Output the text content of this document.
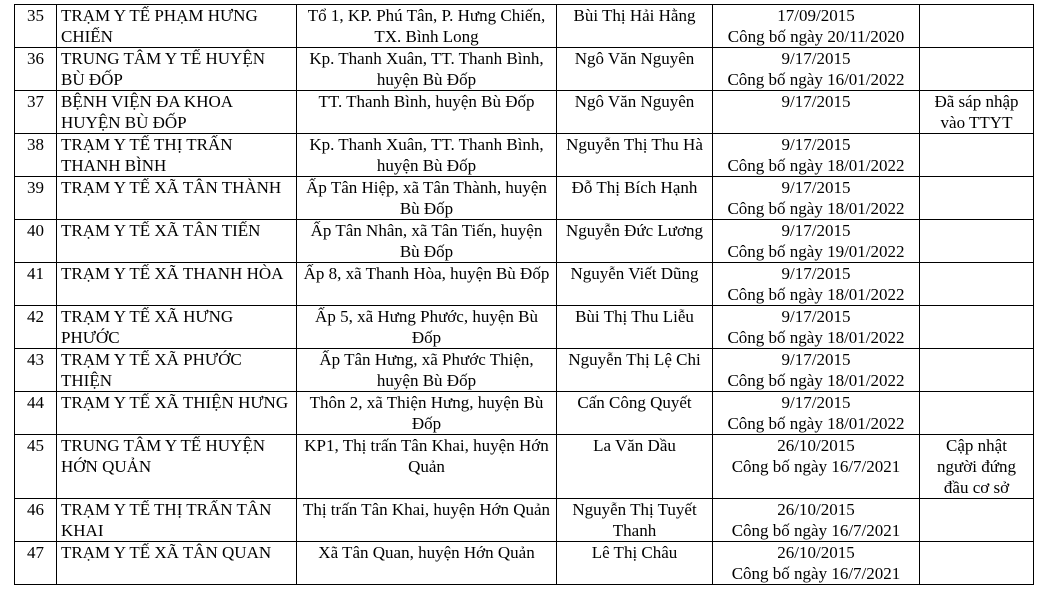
35	TRẠM Y TẾ PHẠM HƯNG CHIẾN	Tổ 1, KP. Phú Tân, P. Hưng Chiến, TX. Bình Long	Bùi Thị Hải Hằng	17/09/2015
Công bố ngày 20/11/2020	

36	TRUNG TÂM Y TẾ HUYỆN BÙ ĐỐP	Kp. Thanh Xuân, TT. Thanh Bình, huyện Bù Đốp	Ngô Văn Nguyên	9/17/2015
Công bố ngày 16/01/2022	

37	BỆNH VIỆN ĐA KHOA HUYỆN BÙ ĐỐP	TT. Thanh Bình, huyện Bù Đốp	Ngô Văn Nguyên	9/17/2015	Đã sáp nhập vào TTYT
38	TRẠM Y TẾ THỊ TRẤN THANH BÌNH	Kp. Thanh Xuân, TT. Thanh Bình, huyện Bù Đốp	Nguyễn Thị Thu Hà	9/17/2015
Công bố ngày 18/01/2022	

39	TRẠM Y TẾ XÃ TÂN THÀNH	Ấp Tân Hiệp, xã Tân Thành, huyện Bù Đốp	Đỗ Thị Bích Hạnh	9/17/2015
Công bố ngày 18/01/2022	

40	TRẠM Y TẾ XÃ TÂN TIẾN	Ấp Tân Nhân, xã Tân Tiến, huyện Bù Đốp	Nguyễn Đức Lương	9/17/2015
Công bố ngày 19/01/2022	

41	TRẠM Y TẾ XÃ THANH HÒA	Ấp 8, xã Thanh Hòa, huyện Bù Đốp	Nguyễn Viết Dũng	9/17/2015
Công bố ngày 18/01/2022	

42	TRẠM Y TẾ XÃ HƯNG PHƯỚC	Ấp 5, xã Hưng Phước, huyện Bù Đốp	Bùi Thị Thu Liễu	9/17/2015
Công bố ngày 18/01/2022	

43	TRẠM Y TẾ XÃ PHƯỚC THIỆN	Ấp Tân Hưng, xã Phước Thiện, huyện Bù Đốp	Nguyễn Thị Lệ Chi	9/17/2015
Công bố ngày 18/01/2022	

44	TRẠM Y TẾ XÃ THIỆN HƯNG	Thôn 2, xã Thiện Hưng, huyện Bù Đốp	Cấn Công Quyết	9/17/2015
Công bố ngày 18/01/2022	

45	TRUNG TÂM Y TẾ HUYỆN HỚN QUẢN	KP1, Thị trấn Tân Khai, huyện Hớn Quản	La Văn Dầu	26/10/2015
Công bố ngày 16/7/2021	Cập nhật người đứng đầu cơ sở
46	TRẠM Y TẾ THỊ TRẤN TÂN KHAI	Thị trấn Tân Khai, huyện Hớn Quản	Nguyễn Thị Tuyết Thanh	26/10/2015
Công bố ngày 16/7/2021	

47	TRẠM Y TẾ XÃ TÂN QUAN	Xã Tân Quan, huyện Hớn Quản	Lê Thị Châu	26/10/2015
Công bố ngày 16/7/2021	
